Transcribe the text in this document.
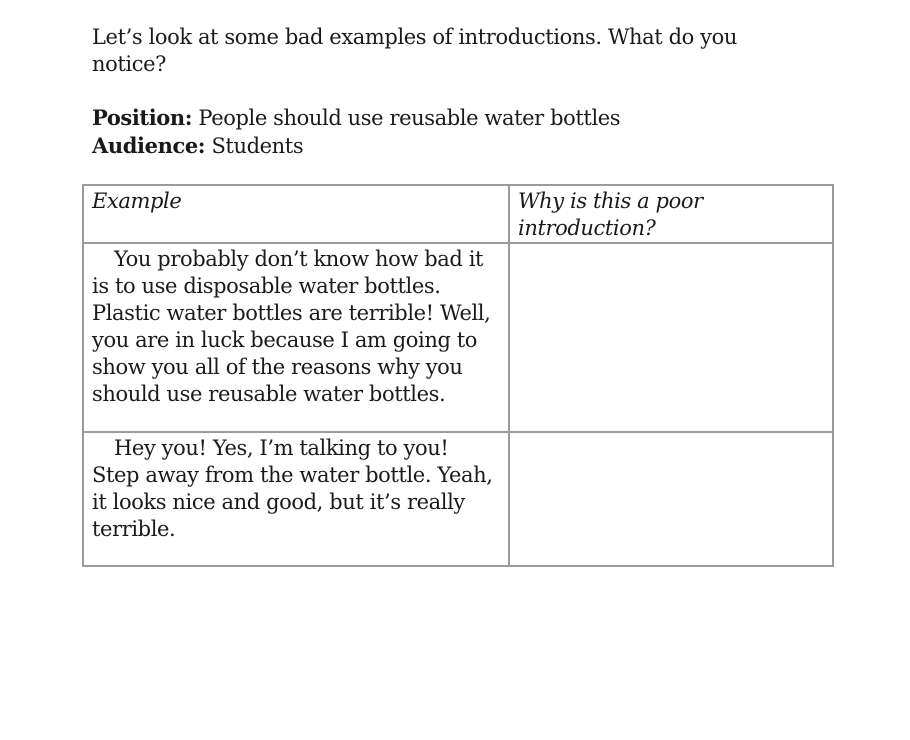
Let’s look at some bad examples of introductions. What do you notice?
Position: People should use reusable water bottles
Audience: Students
Example	Why is this a poor introduction?

You probably don’t know how bad it is to use disposable water bottles. Plastic water bottles are terrible! Well, you are in luck because I am going to show you all of the reasons why you should use reusable water bottles.	

Hey you! Yes, I’m talking to you! Step away from the water bottle. Yeah, it looks nice and good, but it’s really terrible.	
